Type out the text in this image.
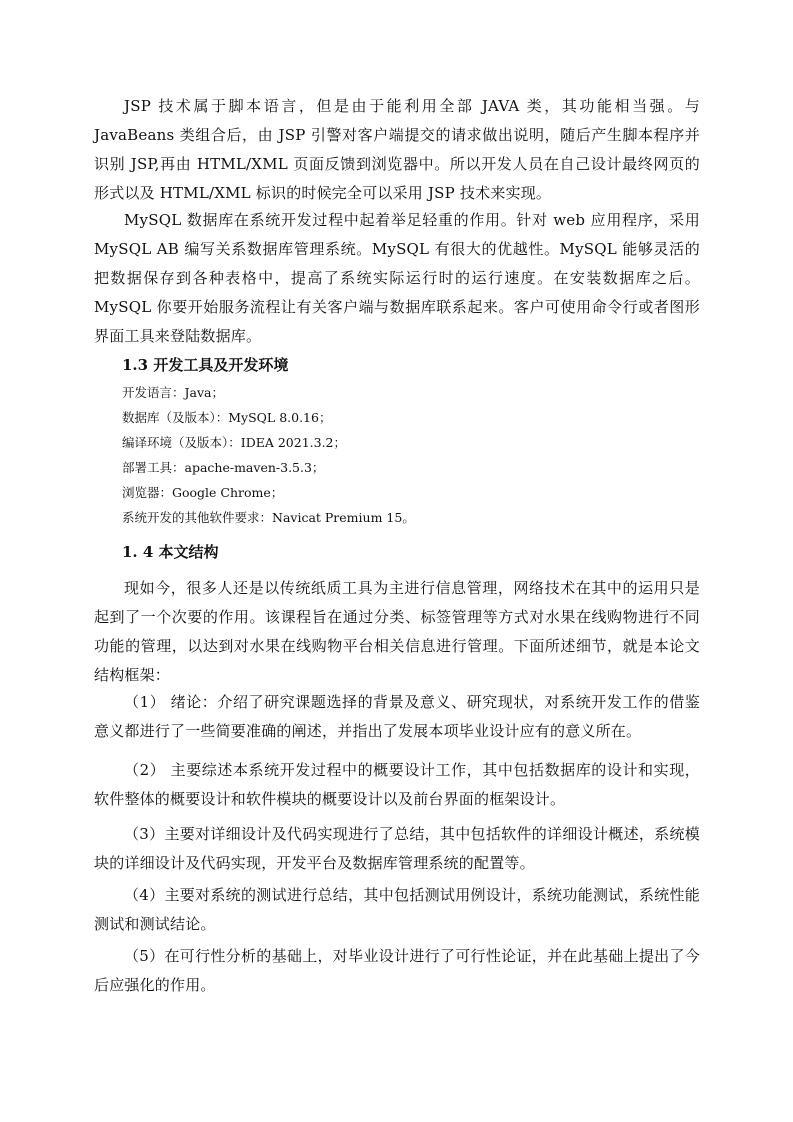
JSP 技术属于脚本语言，但是由于能利用全部 JAVA 类，其功能相当强。与 JavaBeans 类组合后，由 JSP 引警对客户端提交的请求做出说明，随后产生脚本程序并识别 JSP,再由 HTML/XML 页面反馈到浏览器中。所以开发人员在自己设计最终网页的形式以及 HTML/XML 标识的时候完全可以采用 JSP 技术来实现。

MySQL 数据库在系统开发过程中起着举足轻重的作用。针对 web 应用程序，采用 MySQL AB 编写关系数据库管理系统。MySQL 有很大的优越性。MySQL 能够灵活的把数据保存到各种表格中，提高了系统实际运行时的运行速度。在安装数据库之后。MySQL 你要开始服务流程让有关客户端与数据库联系起来。客户可使用命令行或者图形界面工具来登陆数据库。

1.3 开发工具及开发环境
开发语言：Java；
数据库（及版本）：MySQL 8.0.16；
编译环境（及版本）：IDEA 2021.3.2；
部署工具：apache-maven-3.5.3；
浏览器：Google Chrome；
系统开发的其他软件要求：Navicat Premium 15。
1. 4 本文结构

现如今，很多人还是以传统纸质工具为主进行信息管理，网络技术在其中的运用只是起到了一个次要的作用。该课程旨在通过分类、标签管理等方式对水果在线购物进行不同功能的管理，以达到对水果在线购物平台相关信息进行管理。下面所述细节，就是本论文结构框架：

（1） 绪论：介绍了研究课题选择的背景及意义、研究现状，对系统开发工作的借鉴意义都进行了一些简要准确的阐述，并指出了发展本项毕业设计应有的意义所在。

（2） 主要综述本系统开发过程中的概要设计工作，其中包括数据库的设计和实现，软件整体的概要设计和软件模块的概要设计以及前台界面的框架设计。

（3）主要对详细设计及代码实现进行了总结，其中包括软件的详细设计概述，系统模块的详细设计及代码实现，开发平台及数据库管理系统的配置等。

（4）主要对系统的测试进行总结，其中包括测试用例设计，系统功能测试，系统性能测试和测试结论。

（5）在可行性分析的基础上，对毕业设计进行了可行性论证，并在此基础上提出了今后应强化的作用。
